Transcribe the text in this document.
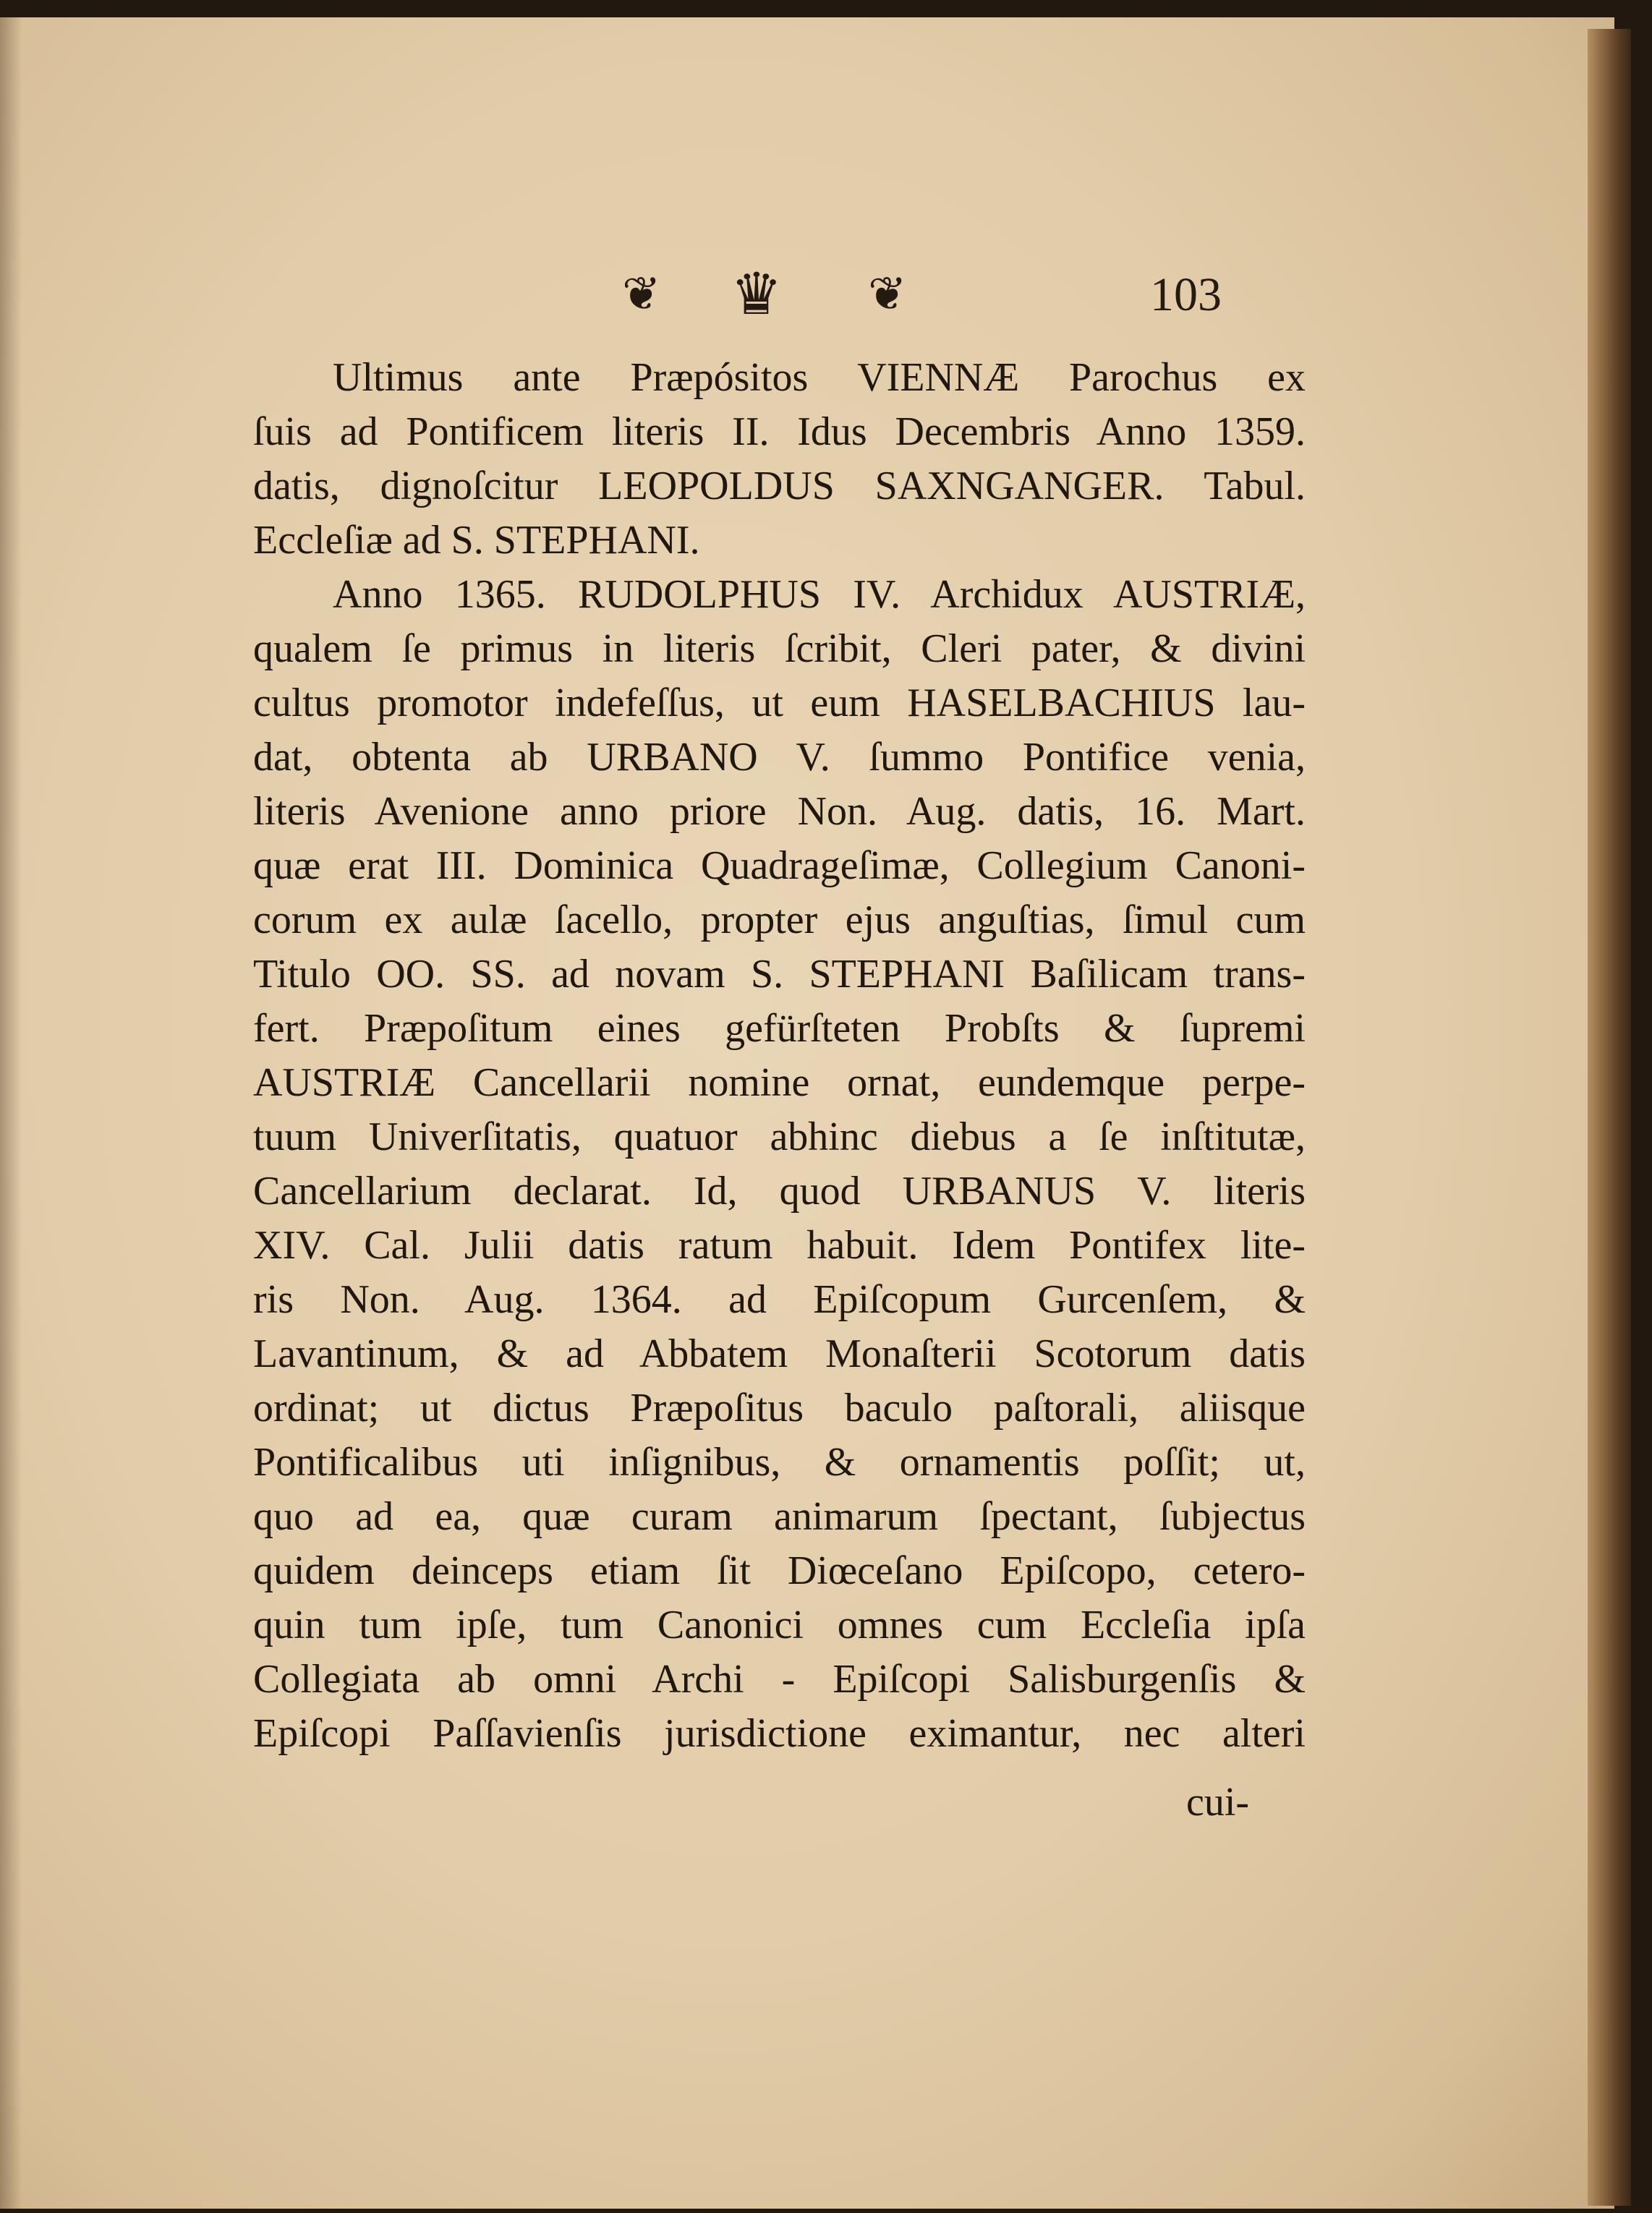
❦ ♛ ❦	103
Ultimus ante Præpósitos VIENNÆ Parochus ex
ſuis ad Pontificem literis II. Idus Decembris Anno 1359.
datis, dignoſcitur LEOPOLDUS SAXNGANGER. Tabul.
Eccleſiæ ad S. STEPHANI.
Anno 1365. RUDOLPHUS IV. Archidux AUSTRIÆ,
qualem ſe primus in literis ſcribit, Cleri pater, & divini
cultus promotor indefeſſus, ut eum HASELBACHIUS lau-
dat, obtenta ab URBANO V. ſummo Pontifice venia,
literis Avenione anno priore Non. Aug. datis, 16. Mart.
quæ erat III. Dominica Quadrageſimæ, Collegium Canoni-
corum ex aulæ ſacello, propter ejus anguſtias, ſimul cum
Titulo OO. SS. ad novam S. STEPHANI Baſilicam trans-
fert. Præpoſitum eines gefürſteten Probſts & ſupremi
AUSTRIÆ Cancellarii nomine ornat, eundemque perpe-
tuum Univerſitatis, quatuor abhinc diebus a ſe inſtitutæ,
Cancellarium declarat. Id, quod URBANUS V. literis
XIV. Cal. Julii datis ratum habuit. Idem Pontifex lite-
ris Non. Aug. 1364. ad Epiſcopum Gurcenſem, &
Lavantinum, & ad Abbatem Monaſterii Scotorum datis
ordinat; ut dictus Præpoſitus baculo paſtorali, aliisque
Pontificalibus uti inſignibus, & ornamentis poſſit; ut,
quo ad ea, quæ curam animarum ſpectant, ſubjectus
quidem deinceps etiam ſit Diœceſano Epiſcopo, cetero-
quin tum ipſe, tum Canonici omnes cum Eccleſia ipſa
Collegiata ab omni Archi - Epiſcopi Salisburgenſis &
Epiſcopi Paſſavienſis jurisdictione eximantur, nec alteri
cui-
